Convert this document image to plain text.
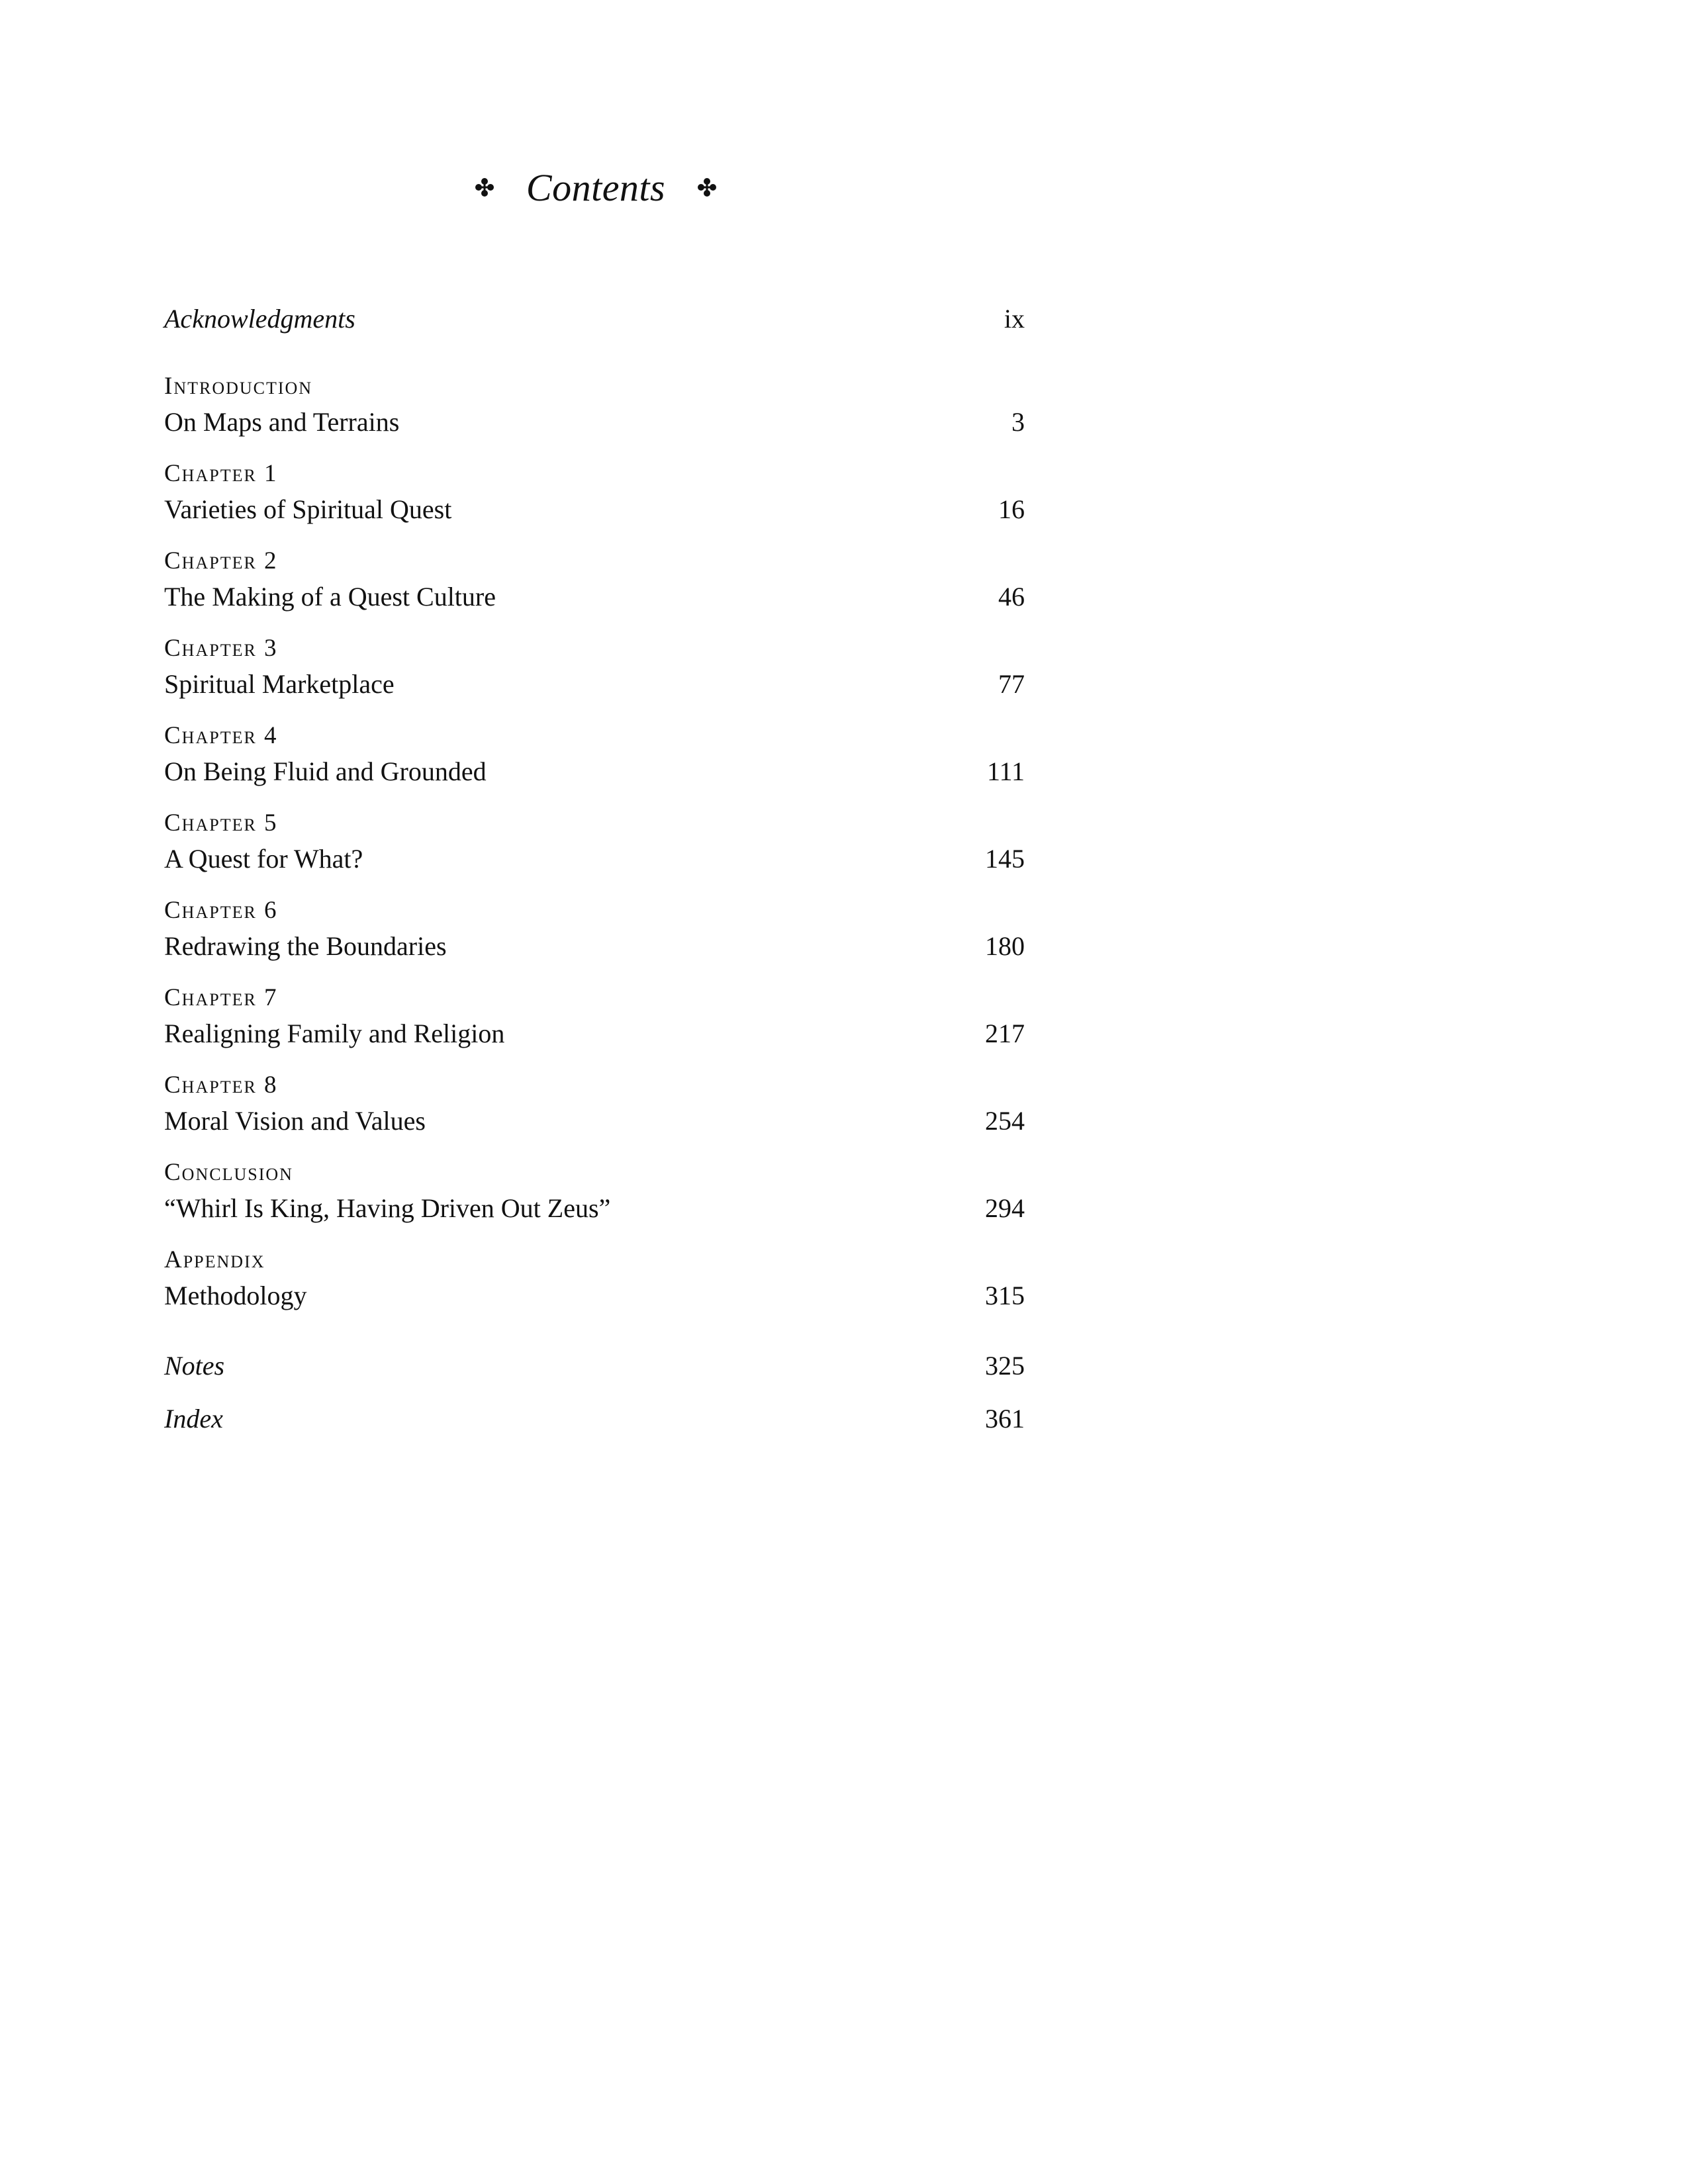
Contents
Acknowledgments	ix
Introduction
On Maps and Terrains	3
Chapter 1
Varieties of Spiritual Quest	16
Chapter 2
The Making of a Quest Culture	46
Chapter 3
Spiritual Marketplace	77
Chapter 4
On Being Fluid and Grounded	111
Chapter 5
A Quest for What?	145
Chapter 6
Redrawing the Boundaries	180
Chapter 7
Realigning Family and Religion	217
Chapter 8
Moral Vision and Values	254
Conclusion
“Whirl Is King, Having Driven Out Zeus”	294
Appendix
Methodology	315
Notes	325
Index	361
